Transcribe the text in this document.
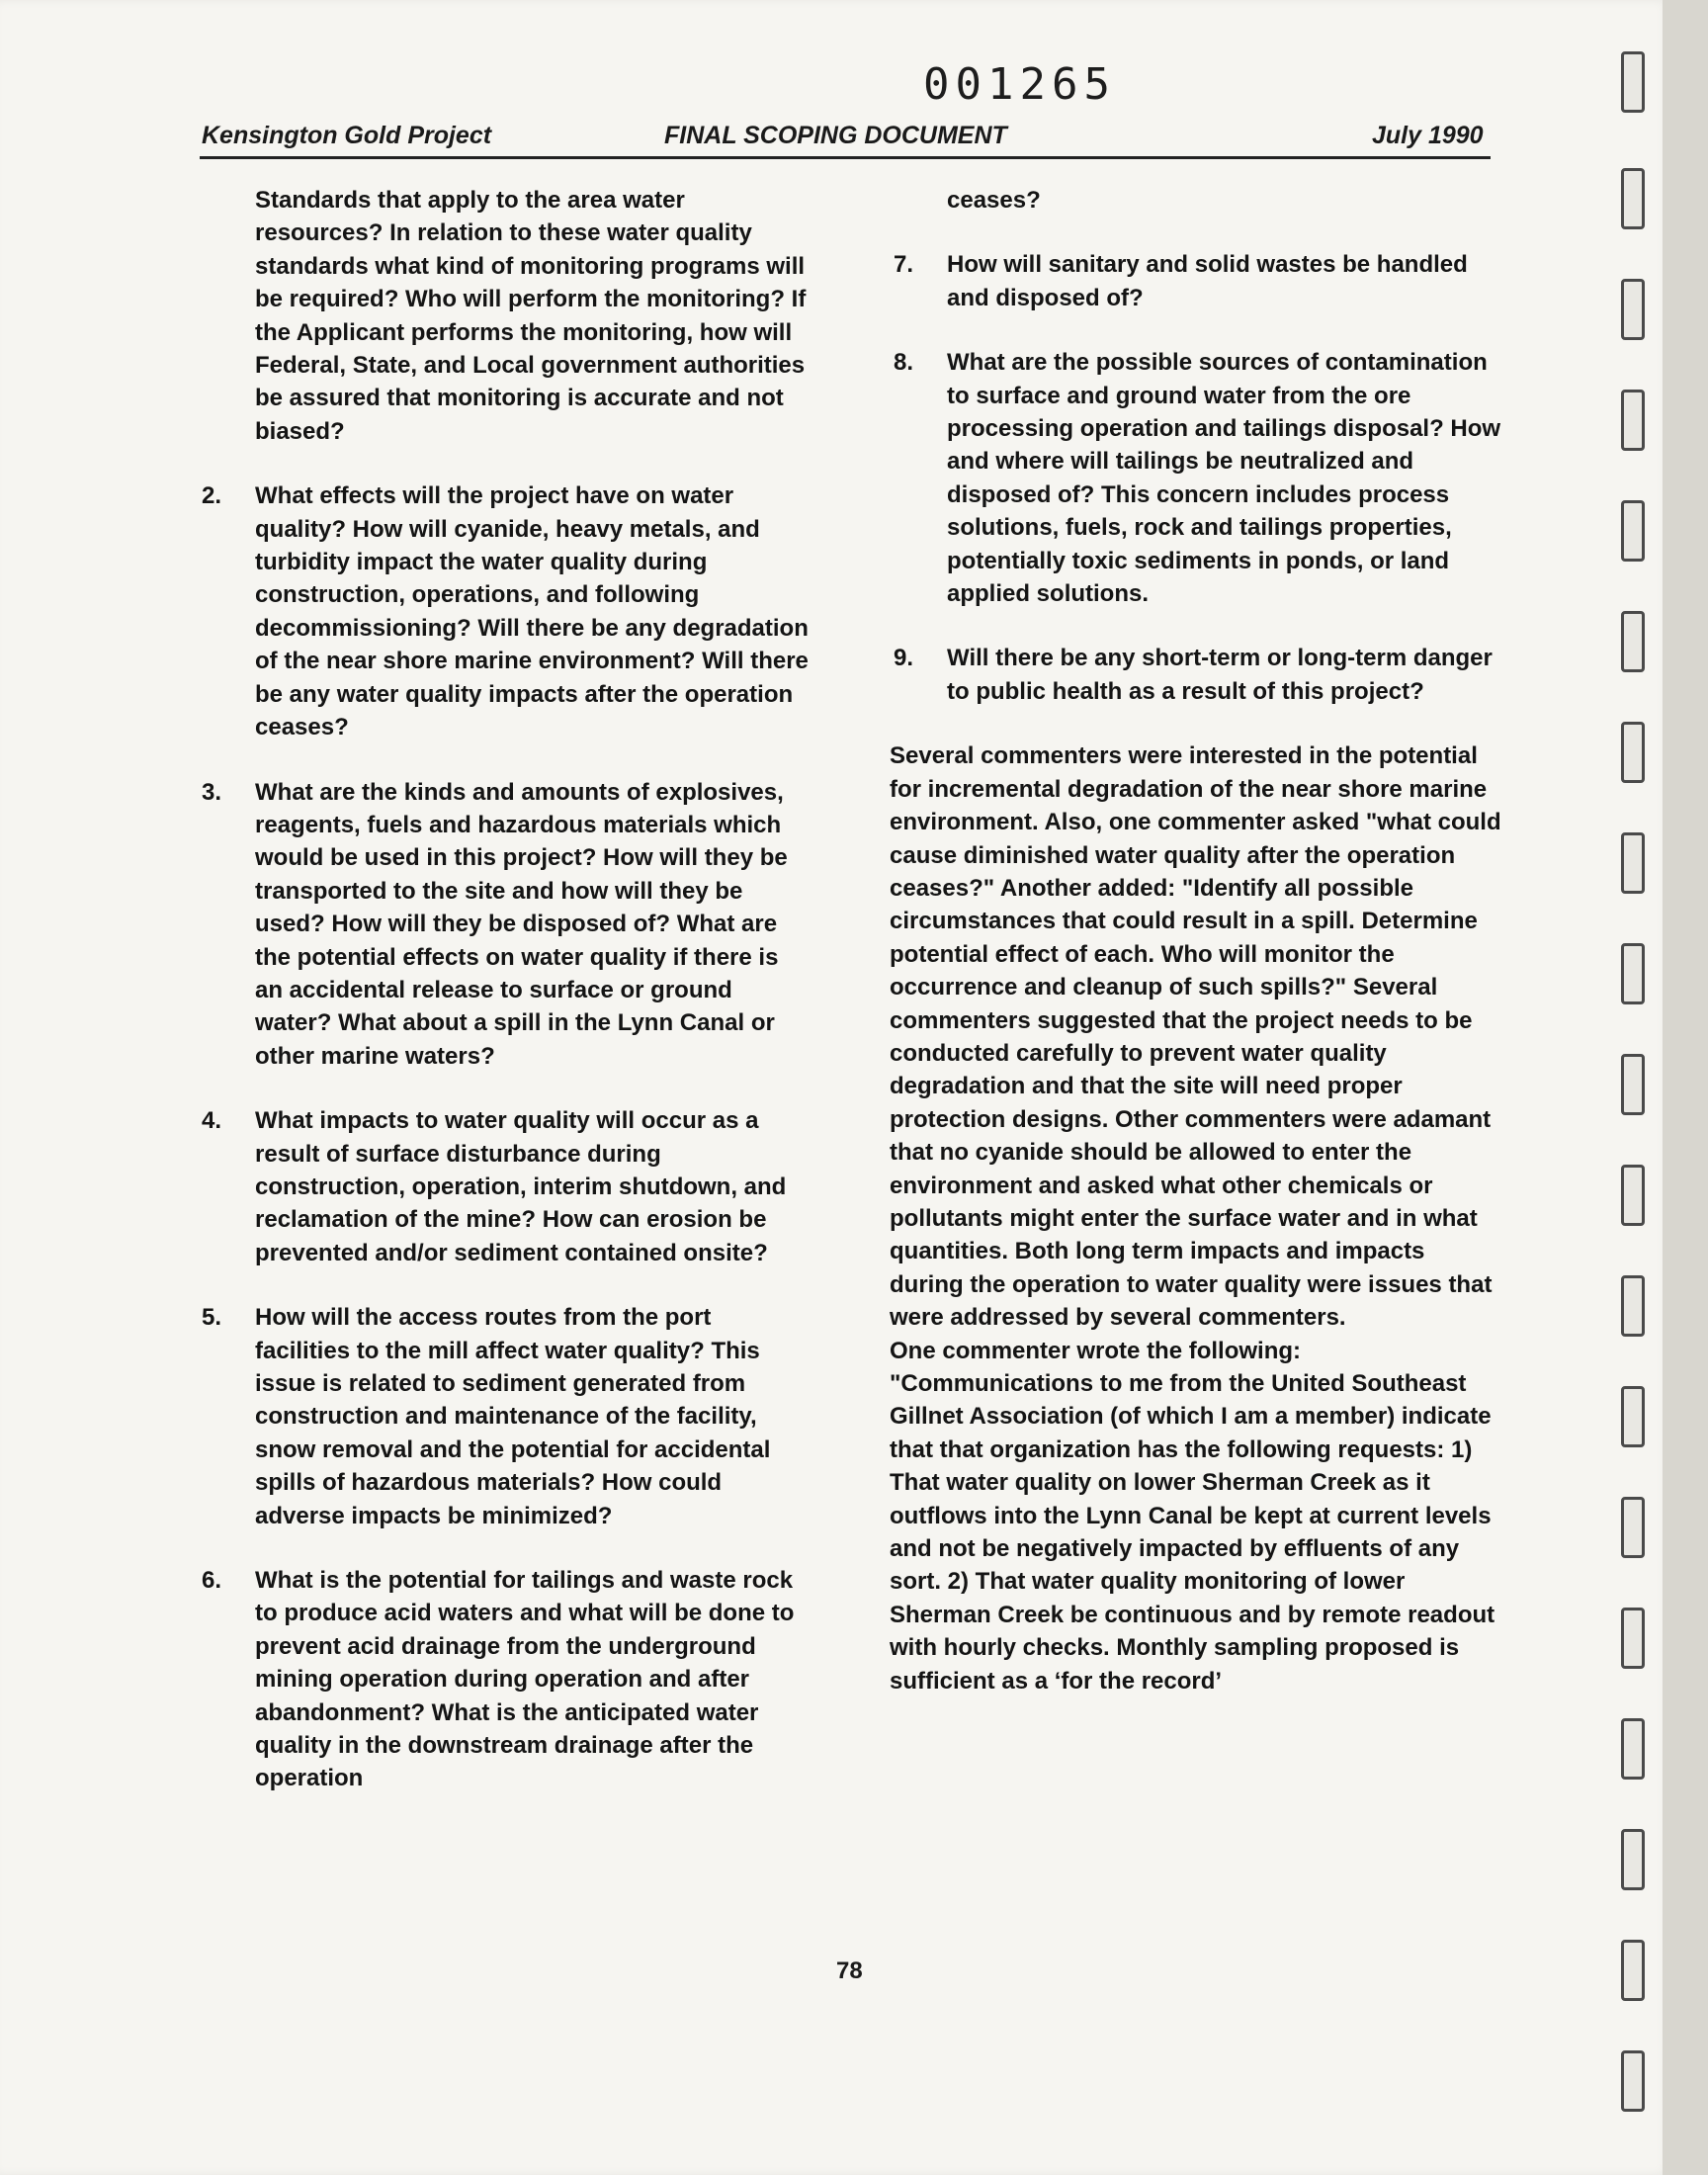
001265
Kensington Gold Project	FINAL SCOPING DOCUMENT	July 1990
Standards that apply to the area water resources? In relation to these water quality standards what kind of monitoring programs will be required? Who will perform the monitoring? If the Applicant performs the monitoring, how will Federal, State, and Local government authorities be assured that monitoring is accurate and not biased?
2. What effects will the project have on water quality? How will cyanide, heavy metals, and turbidity impact the water quality during construction, operations, and following decommissioning? Will there be any degradation of the near shore marine environment? Will there be any water quality impacts after the operation ceases?

3. What are the kinds and amounts of explosives, reagents, fuels and hazardous materials which would be used in this project? How will they be transported to the site and how will they be used? How will they be disposed of? What are the potential effects on water quality if there is an accidental release to surface or ground water? What about a spill in the Lynn Canal or other marine waters?

4. What impacts to water quality will occur as a result of surface disturbance during construction, operation, interim shutdown, and reclamation of the mine? How can erosion be prevented and/or sediment contained onsite?

5. How will the access routes from the port facilities to the mill affect water quality? This issue is related to sediment generated from construction and maintenance of the facility, snow removal and the potential for accidental spills of hazardous materials? How could adverse impacts be minimized?

6. What is the potential for tailings and waste rock to produce acid waters and what will be done to prevent acid drainage from the underground mining operation during operation and after abandonment? What is the anticipated water quality in the downstream drainage after the operation

ceases?
7. How will sanitary and solid wastes be handled and disposed of?

8. What are the possible sources of contamination to surface and ground water from the ore processing operation and tailings disposal? How and where will tailings be neutralized and disposed of? This concern includes process solutions, fuels, rock and tailings properties, potentially toxic sediments in ponds, or land applied solutions.

9. Will there be any short-term or long-term danger to public health as a result of this project?

Several commenters were interested in the potential for incremental degradation of the near shore marine environment. Also, one commenter asked "what could cause diminished water quality after the operation ceases?" Another added: "Identify all possible circumstances that could result in a spill. Determine potential effect of each. Who will monitor the occurrence and cleanup of such spills?" Several commenters suggested that the project needs to be conducted carefully to prevent water quality degradation and that the site will need proper protection designs. Other commenters were adamant that no cyanide should be allowed to enter the environment and asked what other chemicals or pollutants might enter the surface water and in what quantities. Both long term impacts and impacts during the operation to water quality were issues that were addressed by several commenters.

One commenter wrote the following: "Communications to me from the United Southeast Gillnet Association (of which I am a member) indicate that that organization has the following requests: 1) That water quality on lower Sherman Creek as it outflows into the Lynn Canal be kept at current levels and not be negatively impacted by effluents of any sort. 2) That water quality monitoring of lower Sherman Creek be continuous and by remote readout with hourly checks. Monthly sampling proposed is sufficient as a ‘for the record’

78
